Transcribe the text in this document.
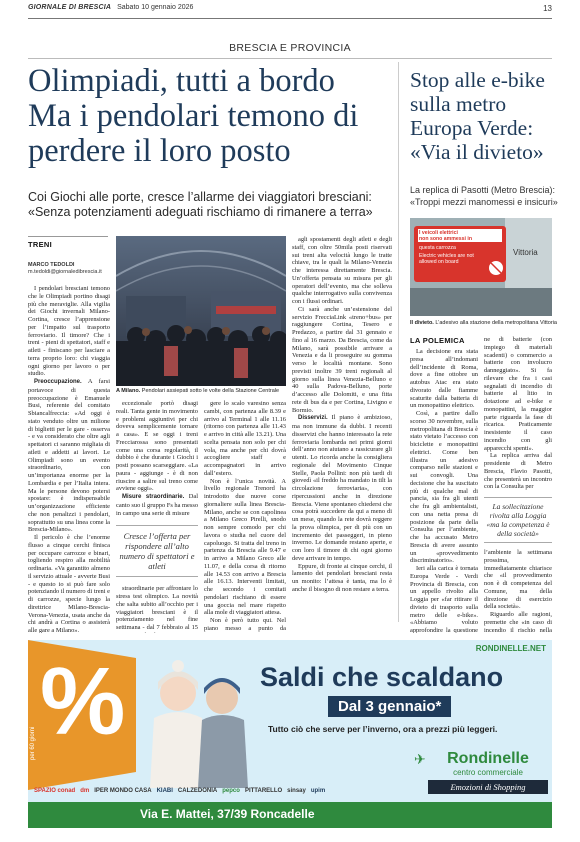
GIORNALE DI BRESCIA Sabato 10 gennaio 2026	13
BRESCIA E PROVINCIA
Olimpiadi, tutti a bordo Ma i pendolari temono di perdere il loro posto
Coi Giochi alle porte, cresce l’allarme dei viaggiatori bresciani: «Senza potenziamenti adeguati rischiamo di rimanere a terra»
Stop alle e-bike sulla metro Europa Verde: «Via il divieto»
La replica di Pasotti (Metro Brescia): «Troppi mezzi manomessi e insicuri»
TRENI
MARCO TEDOLDI
m.tedoldi@giornaledibrescia.it

I pendolari bresciani temono che le Olimpiadi portino disagi più che meraviglie. Alla vigilia dei Giochi invernali Milano-Cortina, cresce l’apprensione per l’impatto sul trasporto ferroviario. Il timore? Che i treni - pieni di spettatori, staff e atleti - finiscano per lasciare a terra proprio loro: chi viaggia ogni giorno per lavoro o per studio.

Preoccupazione. A farsi portavoce di questa preoccupazione è Emanuele Busi, referente del comitato Sbiancalfreccia: «Ad oggi è stato venduto oltre un milione di biglietti per le gare - osserva - e va considerato che oltre agli spettatori ci saranno migliaia di atleti e addetti ai lavori. Le Olimpiadi sono un evento straordinario, con un’importanza enorme per la Lombardia e per l’Italia intera. Ma le persone devono potersi spostare: è indispensabile un’organizzazione efficiente che non penalizzi i pendolari, soprattutto su una linea come la Brescia-Milano».

Il pericolo è che l’enorme flusso a cinque cerchi finisca per occupare carrozze e binari, togliendo respiro alla mobilità ordinaria. «Va garantito almeno il servizio attuale - avverte Busi - e questo io si può fare solo potenziando il numero di treni e di carrozze, specie lungo la direttrice Milano-Brescia-Verona-Venezia, usata anche da chi andrà a Cortina o assisterà alle gare a Milano».

A Milano. Pendolari assiepati sotto le volte della Stazione Centrale

eccezionale portò disagi reali. Tanta gente in movimento e problemi aggiuntivi per chi doveva semplicemente tornare a casa». E se oggi i treni Frecciarossa sono presentati come una corsa regolarità, il dubbio è che durante i Giochi i posti possano scarseggiare. «La paura - aggiunge - è di non riuscire a salire sul treno come avviene oggi».

Misure straordinarie. Dal canto suo il gruppo Fs ha messo in campo una serie di misure

Cresce l’offerta per rispondere all’alto numero di spettatori e atleti

straordinarie per affrontare lo stress test olimpico. La novità che salta subito all’occhio per i viaggiatori bresciani è il potenziamento nel fine settimana - dal 7 febbraio al 15

gere lo scalo varesino senza cambi, con partenza alle 8.39 e arrivo al Terminal 1 alle 11.16 (ritorno con partenza alle 11.43 e arrivo in città alle 13.21). Una scelta pensata non solo per chi vola, ma anche per chi dovrà accogliere staff e accompagnatori in arrivo dall’estero.

Non è l’unica novità. A livello regionale Trenord ha introdotto due nuove corse giornaliere sulla linea Brescia-Milano, anche se con capolinea a Milano Greco Pirelli, snodo non sempre comodo per chi lavora o studia nel cuore del capoluogo. Si tratta del treno in partenza da Brescia alle 9.47 e in arrivo a Milano Greco alle 11.07, e della corsa di ritorno alle 14.53 con arrivo a Brescia alle 16.13. Interventi limitati, che secondo i comitati pendolari rischiano di essere una goccia nel mare rispetto alla mole di viaggiatori attesa.

Non è però tutto qui. Nel piano messo a punto da

agli spostamenti degli atleti e degli staff, con oltre 50mila posti riservati sui treni alta velocità lungo le tratte chiave, tra le quali la Milano-Venezia che interessa direttamente Brescia. Un’offerta pensata su misura per gli operatori dell’evento, ma che solleva qualche interrogativo sulla convivenza con i flussi ordinari.

Ci sarà anche un’estensione del servizio FrecciaLink «treno+bus» per raggiungere Cortina, Tesero e Predazzo, a partire dal 31 gennaio e fino al 16 marzo. Da Brescia, come da Milano, sarà possibile arrivare a Venezia e da li proseguire su gomma verso le località montane. Sono previsti inoltre 39 treni regionali al giorno sulla linea Venezia-Belluno e 40 sulla Padova-Belluno, porte d’accesso alle Dolomiti, e una fitta rete di bus da e per Cortina, Livigno e Bormio.

Disservizi. Il piano è ambizioso, ma non immune da dubbi. I recenti disservizi che hanno interessato la rete ferroviaria lombarda nei primi giorni dell’anno non aiutano a rassicurare gli utenti. Lo ricorda anche la consigliera regionale del Movimento Cinque Stelle, Paola Pollini: non più tardi di giovedì «il freddo ha mandato in tilt la circolazione ferroviaria», con ripercussioni anche in direzione Brescia. Viene spontaneo chiedersi che cosa potrà succedere da qui a meno di un mese, quando la rete dovrà reggere la prova olimpica, per di più con un incremento dei passeggeri, in pieno inverno. Le domande restano aperte, e con loro il timore di chi ogni giorno deve arrivare in tempo.

Eppure, di fronte ai cinque cerchi, il lamento dei pendolari bresciani resta un monito: l’attesa è tanta, ma lo è anche il bisogno di non restare a terra.

I veicoli elettrici
non sono ammessi in
questa carrozza
Electric vehicles are not
allowed on board
Vittoria
Il divieto. L’adesivo alla stazione della metropolitana Vittoria
LA POLEMICA

La decisione era stata presa all’indomani dell’incidente di Roma, dove a fine ottobre un autobus Atac era stato divorato dalle fiamme scaturite dalla batteria di un monopattino elettrico.

Così, a partire dallo scorso 30 novembre, sulla metropolitana di Brescia è stato vietato l’accesso con biciclette e monopattini elettrici. Come ben illustra un adesivo comparso nelle stazioni e sui convogli. Una decisione che ha suscitato più di qualche mal di pancia, sia fra gli utenti che fra gli ambientalisti, con una netta presa di posizione da parte della Consulta per l’ambiente, che ha accusato Metro Brescia di avere assunto un «provvedimento discriminatorio».

Ieri alla carica è tornata Europa Verde - Verdi Provincia di Brescia, con un appello rivolto alla Loggia per «far ritirare il divieto di trasporto sulla metro delle e-bike». «Abbiamo voluto approfondire la questione

ne di batterie (con impiego di materiali scadenti) o commercio a batterie con involucro danneggiato». Si fa rilevare che fra i casi segnalati di incendio di batterie al litio in dotazione ad e-bike e monopattini, la maggior parte riguarda la fase di ricarica. Praticamente inesistente il caso incendio con gli apparecchi spenti».

La replica arriva dal presidente di Metro Brescia, Flavio Pasotti, che presenterà un incontro con la Consulta per

La sollecitazione rivolta alla Loggia «ma la competenza è della società»

l’ambiente la settimana prossima, immediatamente chiarisce che «il provvedimento non è di competenza del Comune, ma della direzione di esercizio della società».

Riguardo alle ragioni, premette che «in caso di incendio il rischio nella

RONDINELLE.NET
%
per 60 giorni
Saldi che scaldano
Dal 3 gennaio*
Tutto ciò che serve per l’inverno, ora a prezzi più leggeri.
✈	Rondinelle
centro commerciale
Emozioni di Shopping
SPAZIO conad dm IPER MONDO CASA KIABI CALZEDONIA pepco PITTARELLO sinsay upim
Via E. Mattei, 37/39 Roncadelle
